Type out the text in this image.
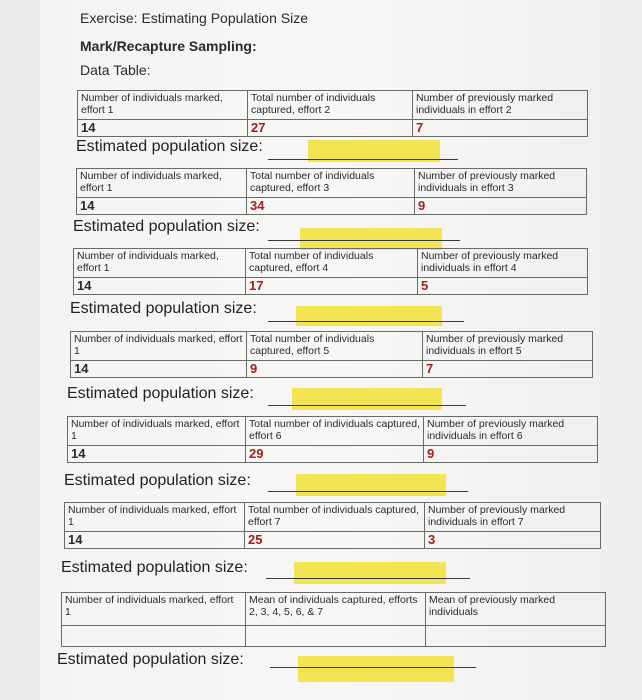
Exercise: Estimating Population Size
Mark/Recapture Sampling:
Data Table:
Number of individuals marked, effort 1	Total number of individuals captured, effort 2	Number of previously marked individuals in effort 2
14	27	7
Estimated population size:
Number of individuals marked, effort 1	Total number of individuals captured, effort 3	Number of previously marked individuals in effort 3
14	34	9
Estimated population size:
Number of individuals marked, effort 1	Total number of individuals captured, effort 4	Number of previously marked individuals in effort 4
14	17	5
Estimated population size:
Number of individuals marked, effort 1	Total number of individuals captured, effort 5	Number of previously marked individuals in effort 5
14	9	7
Estimated population size:
Number of individuals marked, effort 1	Total number of individuals captured, effort 6	Number of previously marked individuals in effort 6
14	29	9
Estimated population size:
Number of individuals marked, effort 1	Total number of individuals captured, effort 7	Number of previously marked individuals in effort 7
14	25	3
Estimated population size:
Number of individuals marked, effort 1	Mean of individuals captured, efforts 2, 3, 4, 5, 6, & 7	Mean of previously marked individuals

Estimated population size:
